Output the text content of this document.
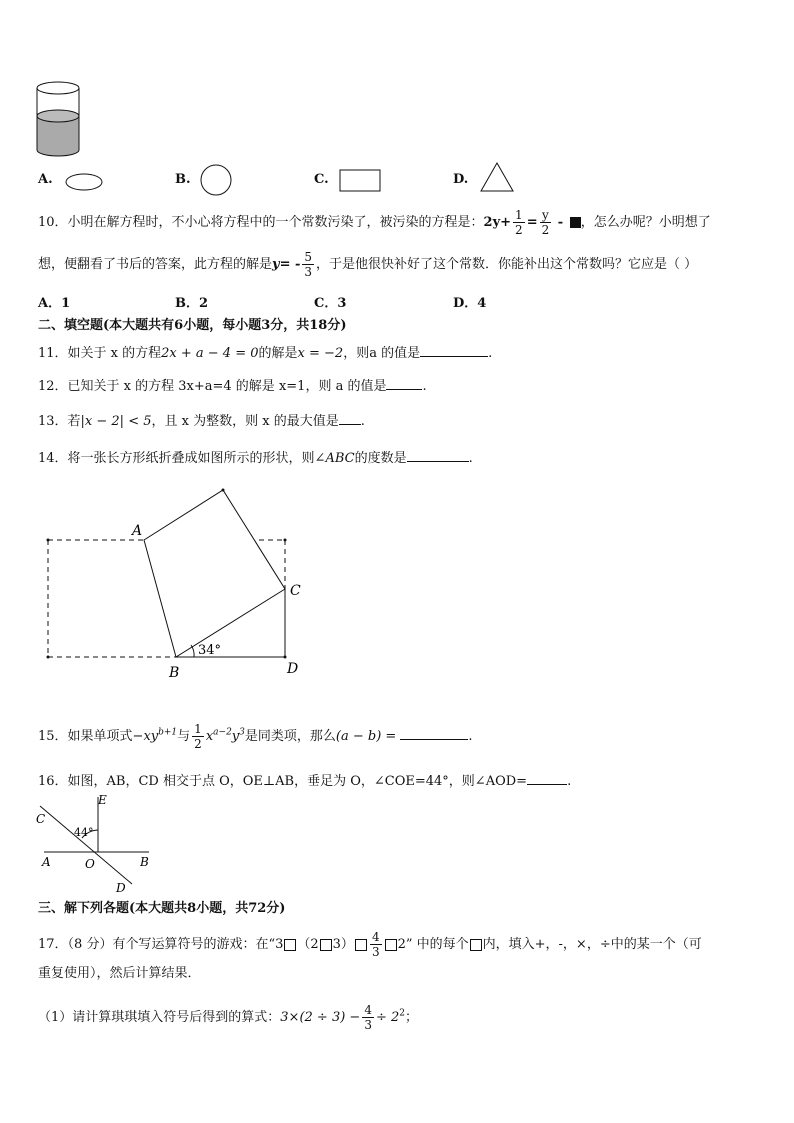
A.	B.	C.	D.
10．小明在解方程时，不小心将方程中的一个常数污染了，被污染的方程是：$2y+ \frac{1}{2} = \frac{y}{2}$ - ，怎么办呢？小明想了
想，便翻看了书后的答案，此方程的解是$y= - \frac{5}{3}$ ，于是他很快补好了这个常数．你能补出这个常数吗？它应是（ ）
A．1	B．2	C．3	D．4
二、填空题(本大题共有6小题，每小题3分，共18分)
11．如关于 x 的方程2x + a − 4 = 0的解是x = −2，则a 的值是	.
12．已知关于 x 的方程 3x+a=4 的解是 x=1，则 a 的值是	.
13．若|x − 2| < 5，且 x 为整数，则 x 的最大值是 .
14．将一张长方形纸折叠成如图所示的形状，则∠ABC的度数是	.
A
B
C
D
34°
15．如果单项式$-xy^{b+1}$与 $\frac{1}{2} x^{a-2}y^3$是同类项，那么(a − b) =	.
16．如图，AB，CD 相交于点 O，OE⊥AB，垂足为 O，∠COE=44°，则∠AOD=	.
E
C
44°
A	O	B
D
三、解下列各题(本大题共8小题，共72分)
17．（8 分）有个写运算符号的游戏：在“3 （2 $3) \frac{4}{3} 2$” 中的每个 内，填入+，-，×，÷中的某一个（可
重复使用），然后计算结果．
（1）请计算琪琪填入符号后得到的算式：$3\times(2 \div 3) - \frac{4}{3} \div 2^2$；
